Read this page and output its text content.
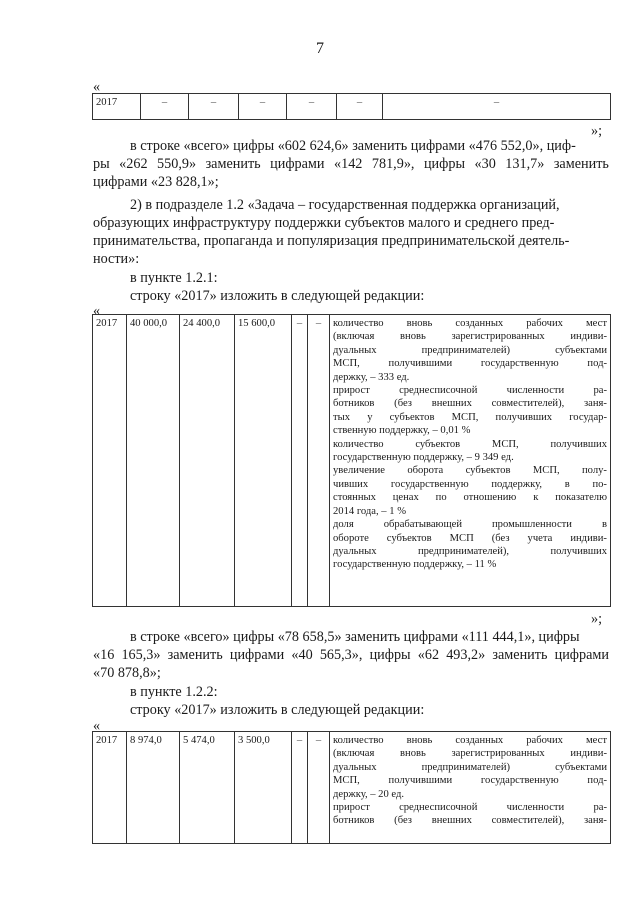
7
«
2017	–	–	–	–	–	–
»;
в строке «всего» цифры «602 624,6» заменить цифрами «476 552,0», циф-
ры «262 550,9» заменить цифрами «142 781,9», цифры «30 131,7» заменить
цифрами «23 828,1»;
2) в подразделе 1.2 «Задача – государственная поддержка организаций,
образующих инфраструктуру поддержки субъектов малого и среднего пред-
принимательства, пропаганда и популяризация предпринимательской деятель-
ности»:
в пункте 1.2.1:
строку «2017» изложить в следующей редакции:
«
2017	40 000,0	24 400,0	15 600,0	–	–	количество вновь созданных рабочих мест
(включая вновь зарегистрированных индиви-
дуальных	предпринимателей)	субъектами
МСП,	получившими	государственную	под-
держку, – 333 ед.
прирост	среднесписочной	численности	ра-
ботников (без внешних совместителей), заня-
тых у субъектов МСП, получивших государ-
ственную поддержку, – 0,01 %
количество	субъектов	МСП,	получивших
государственную поддержку, – 9 349 ед.
увеличение оборота субъектов МСП, полу-
чивших государственную поддержку, в по-
стоянных ценах по отношению к показателю
2014 года, – 1 %
доля	обрабатывающей	промышленности	в
обороте субъектов МСП (без учета индиви-
дуальных	предпринимателей),	получивших
государственную поддержку, – 11 %
»;
в строке «всего» цифры «78 658,5» заменить цифрами «111 444,1», цифры
«16 165,3» заменить цифрами «40 565,3», цифры «62 493,2» заменить цифрами
«70 878,8»;
в пункте 1.2.2:
строку «2017» изложить в следующей редакции:
«
2017	8 974,0	5 474,0	3 500,0	–	–	количество вновь созданных рабочих мест
(включая вновь зарегистрированных индиви-
дуальных	предпринимателей)	субъектами
МСП,	получившими	государственную	под-
держку, – 20 ед.
прирост	среднесписочной	численности	ра-
ботников (без внешних совместителей), заня-
